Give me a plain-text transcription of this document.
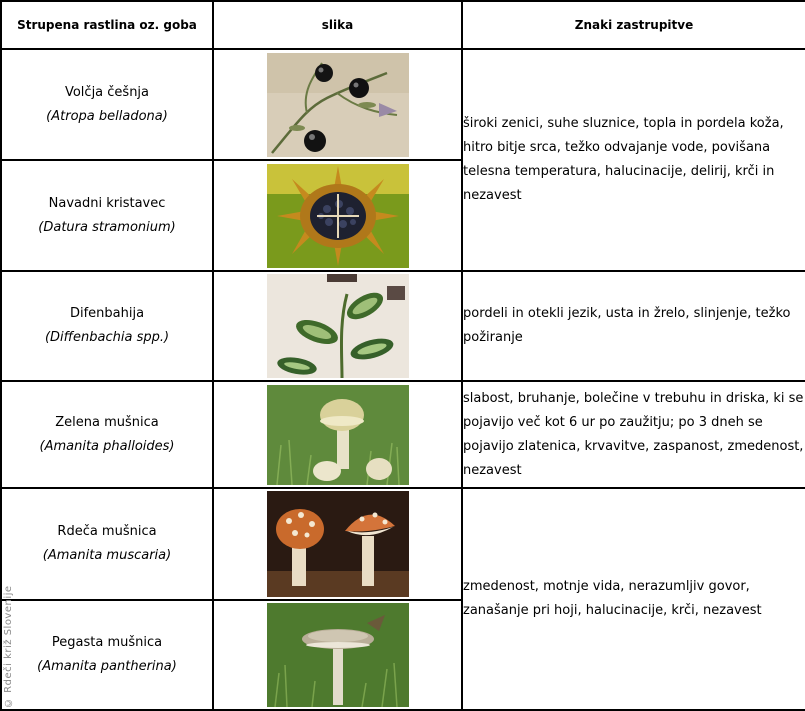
Strupena rastlina oz. goba	slika	Znaki zastrupitve

Volčja češnja
(Atropa belladona)		široki zenici, suhe sluznice, topla in pordela koža, hitro bitje srca, težko odvajanje vode, povišana telesna temperatura, halucinacije, delirij, krči in nezavest

Navadni kristavec
(Datura stramonium)

Difenbahija
(Diffenbachia spp.)		pordeli in otekli jezik, usta in žrelo, slinjenje, težko požiranje

Zelena mušnica
(Amanita phalloides)		slabost, bruhanje, bolečine v trebuhu in driska, ki se pojavijo več kot 6 ur po zaužitju; po 3 dneh se pojavijo zlatenica, krvavitve, zaspanost, zmedenost, nezavest

Rdeča mušnica
(Amanita muscaria)		zmedenost, motnje vida, nerazumljiv govor, zanašanje pri hoji, halucinacije, krči, nezavest

Pegasta mušnica
(Amanita pantherina)

© Rdeči križ Slovenije
